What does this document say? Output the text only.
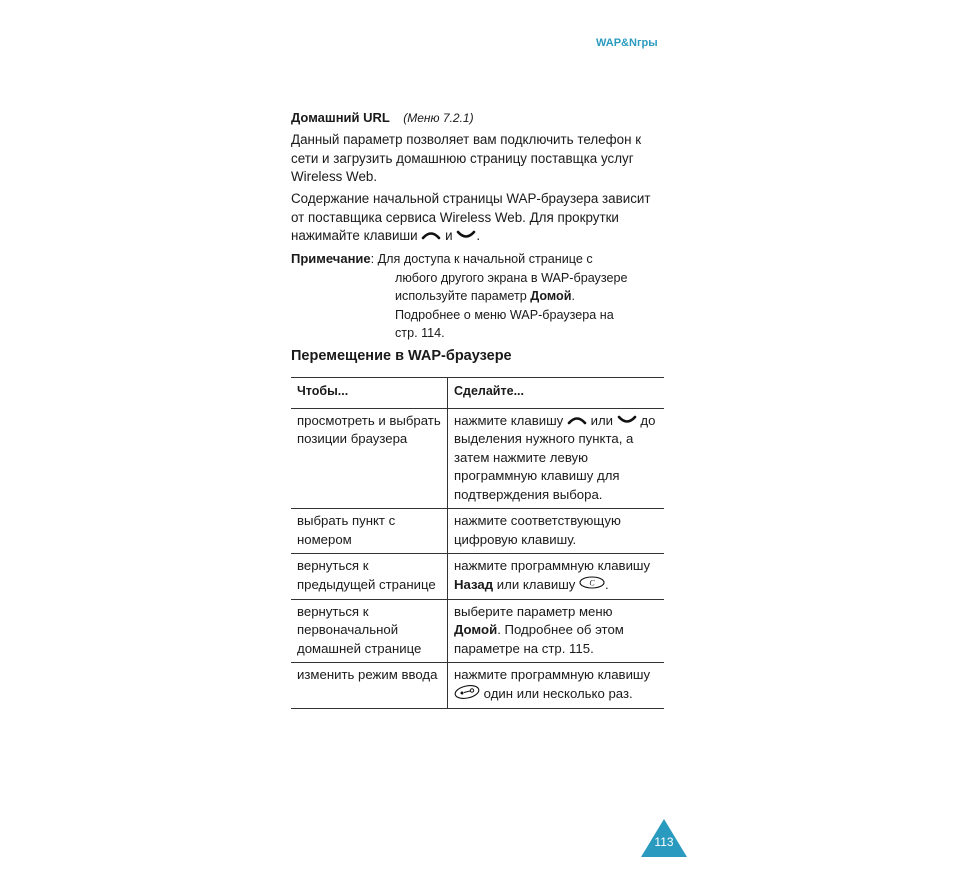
WAP&Nгры
Домашний URL (Меню 7.2.1)
Данный параметр позволяет вам подключить телефон к сети и загрузить домашнюю страницу поставщка услуг Wireless Web.
Содержание начальной страницы WAP-браузера зависит от поставщика сервиса Wireless Web. Для прокрутки нажимайте клавиши и .
Примечание: Для доступа к начальной странице с
любого другого экрана в WAP-браузере
используйте параметр Домой.
Подробнее о меню WAP-браузера на
стр. 114.
Перемещение в WAP-браузере
Чтобы...	Сделайте...
просмотреть и выбрать позиции браузера	нажмите клавишу или до выделения нужного пункта, а затем нажмите левую программную клавишу для подтверждения выбора.
выбрать пункт с номером	нажмите соответствующую цифровую клавишу.
вернуться к предыдущей странице	нажмите программную клавишу Назад или клавишу C .
вернуться к первоначальной домашней странице	выберите параметр меню Домой. Подробнее об этом параметре на стр. 115.
изменить режим ввода	нажмите программную клавишу  один или несколько раз.
113
